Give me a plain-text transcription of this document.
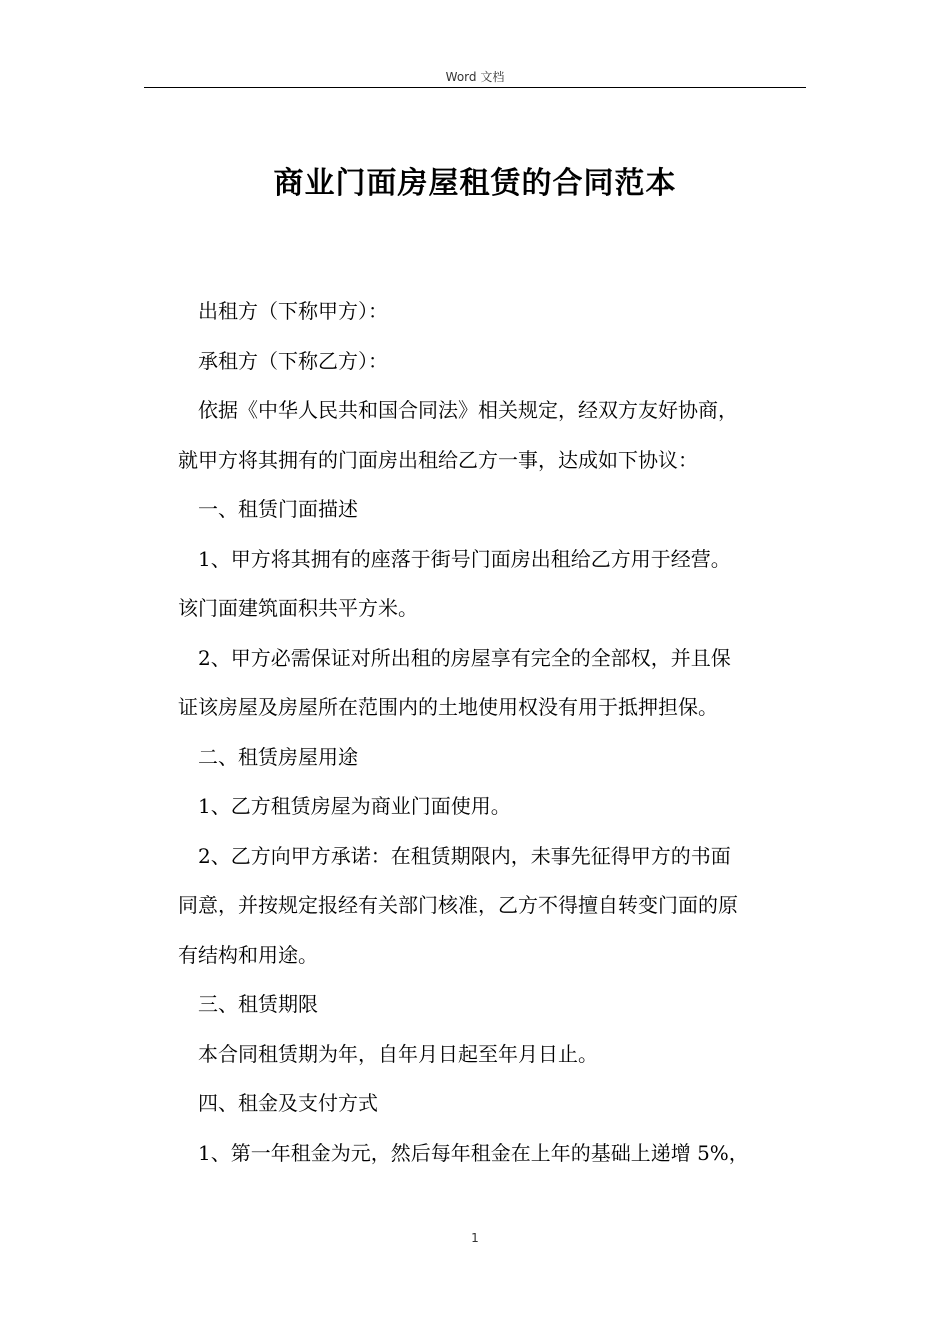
Word 文档
商业门面房屋租赁的合同范本
出租方（下称甲方）：
承租方（下称乙方）：
依据《中华人民共和国合同法》相关规定，经双方友好协商，
就甲方将其拥有的门面房出租给乙方一事，达成如下协议：
一、租赁门面描述
1、甲方将其拥有的座落于街号门面房出租给乙方用于经营。
该门面建筑面积共平方米。
2、甲方必需保证对所出租的房屋享有完全的全部权，并且保
证该房屋及房屋所在范围内的土地使用权没有用于抵押担保。
二、租赁房屋用途
1、乙方租赁房屋为商业门面使用。
2、乙方向甲方承诺：在租赁期限内，未事先征得甲方的书面
同意，并按规定报经有关部门核准，乙方不得擅自转变门面的原
有结构和用途。
三、租赁期限
本合同租赁期为年，自年月日起至年月日止。
四、租金及支付方式
1、第一年租金为元，然后每年租金在上年的基础上递增 5%，
1
